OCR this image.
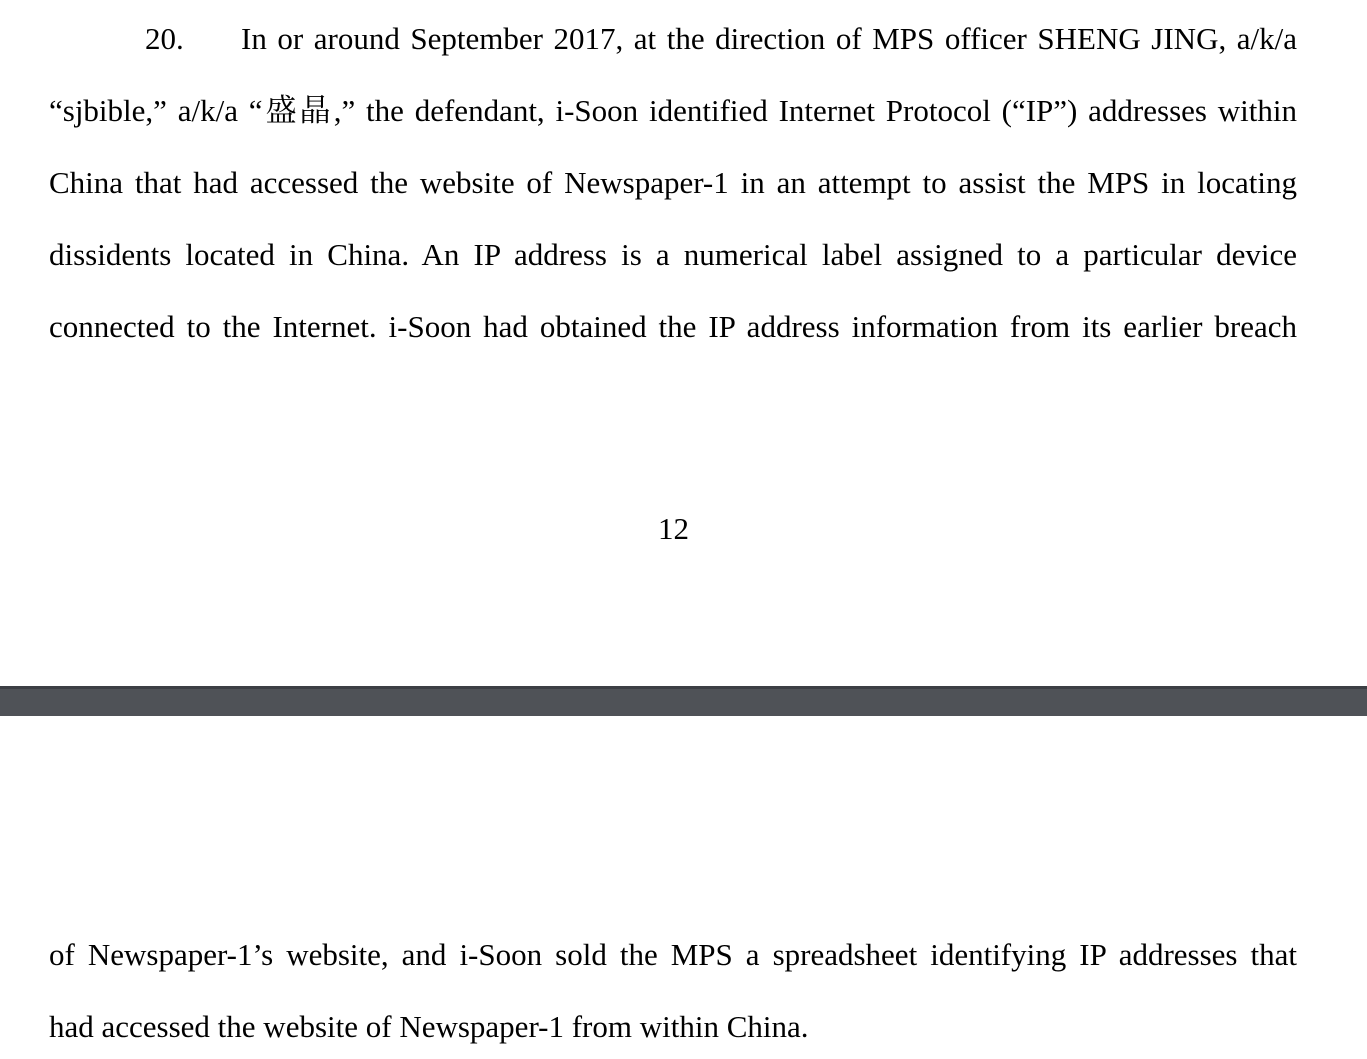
20. In or around September 2017, at the direction of MPS officer SHENG JING, a/k/a
“sjbible,” a/k/a “盛晶,” the defendant, i-Soon identified Internet Protocol (“IP”) addresses within
China that had accessed the website of Newspaper-1 in an attempt to assist the MPS in locating
dissidents located in China. An IP address is a numerical label assigned to a particular device
connected to the Internet. i-Soon had obtained the IP address information from its earlier breach
12
of Newspaper-1’s website, and i-Soon sold the MPS a spreadsheet identifying IP addresses that
had accessed the website of Newspaper-1 from within China.
